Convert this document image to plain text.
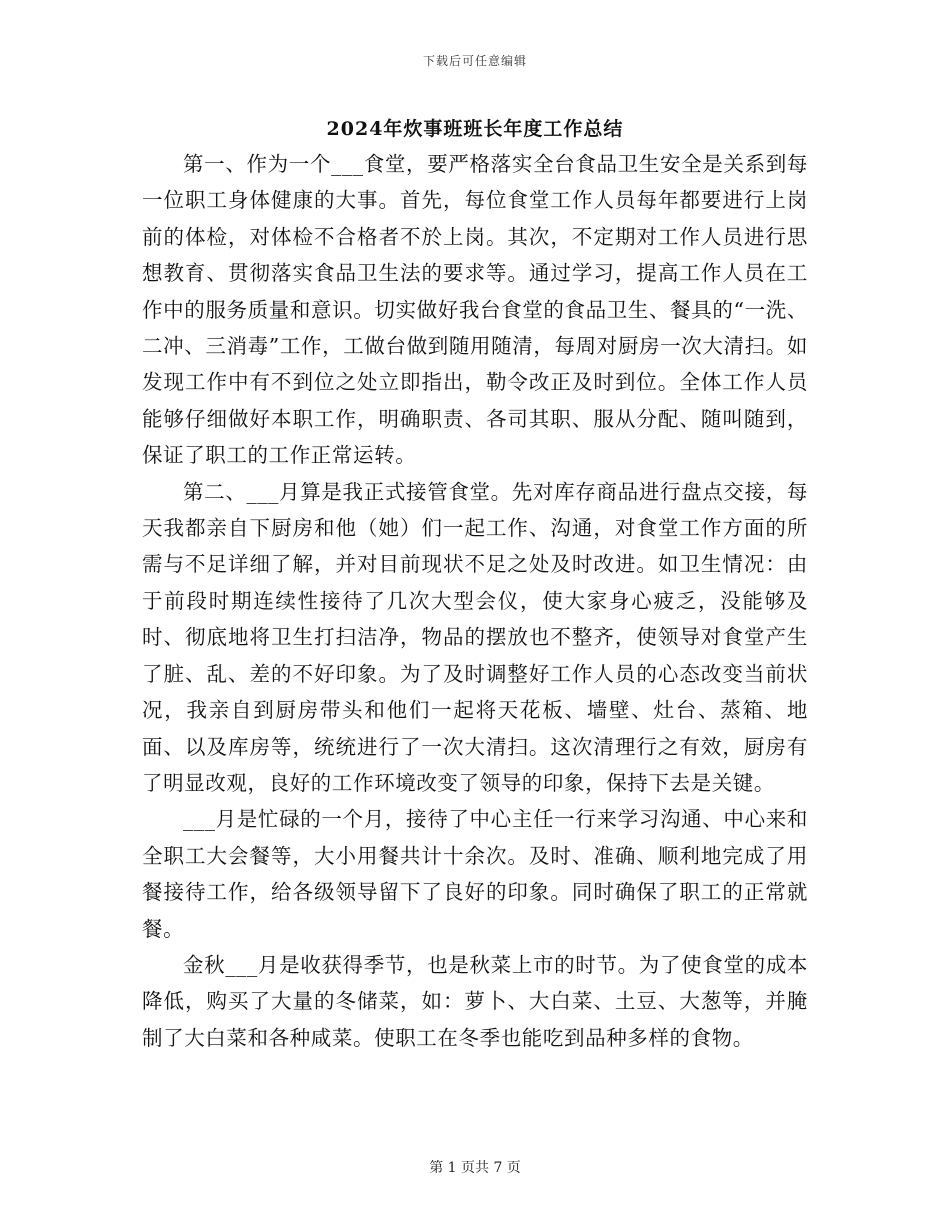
下载后可任意编辑
2024年炊事班班长年度工作总结

第一、作为一个___食堂，要严格落实全台食品卫生安全是关系到每一位职工身体健康的大事。首先，每位食堂工作人员每年都要进行上岗前的体检，对体检不合格者不於上岗。其次，不定期对工作人员进行思想教育、贯彻落实食品卫生法的要求等。通过学习，提高工作人员在工作中的服务质量和意识。切实做好我台食堂的食品卫生、餐具的“一洗、二冲、三消毒”工作，工做台做到随用随清，每周对厨房一次大清扫。如发现工作中有不到位之处立即指出，勒令改正及时到位。全体工作人员能够仔细做好本职工作，明确职责、各司其职、服从分配、随叫随到，保证了职工的工作正常运转。

第二、___月算是我正式接管食堂。先对库存商品进行盘点交接，每天我都亲自下厨房和他（她）们一起工作、沟通，对食堂工作方面的所需与不足详细了解，并对目前现状不足之处及时改进。如卫生情况：由于前段时期连续性接待了几次大型会仪，使大家身心疲乏，没能够及时、彻底地将卫生打扫洁净，物品的摆放也不整齐，使领导对食堂产生了脏、乱、差的不好印象。为了及时调整好工作人员的心态改变当前状况，我亲自到厨房带头和他们一起将天花板、墙壁、灶台、蒸箱、地面、以及库房等，统统进行了一次大清扫。这次清理行之有效，厨房有了明显改观，良好的工作环境改变了领导的印象，保持下去是关键。

___月是忙碌的一个月，接待了中心主任一行来学习沟通、中心来和全职工大会餐等，大小用餐共计十余次。及时、准确、顺利地完成了用餐接待工作，给各级领导留下了良好的印象。同时确保了职工的正常就餐。

金秋___月是收获得季节，也是秋菜上市的时节。为了使食堂的成本降低，购买了大量的冬储菜，如：萝卜、大白菜、土豆、大葱等，并腌制了大白菜和各种咸菜。使职工在冬季也能吃到品种多样的食物。

第 1 页共 7 页
